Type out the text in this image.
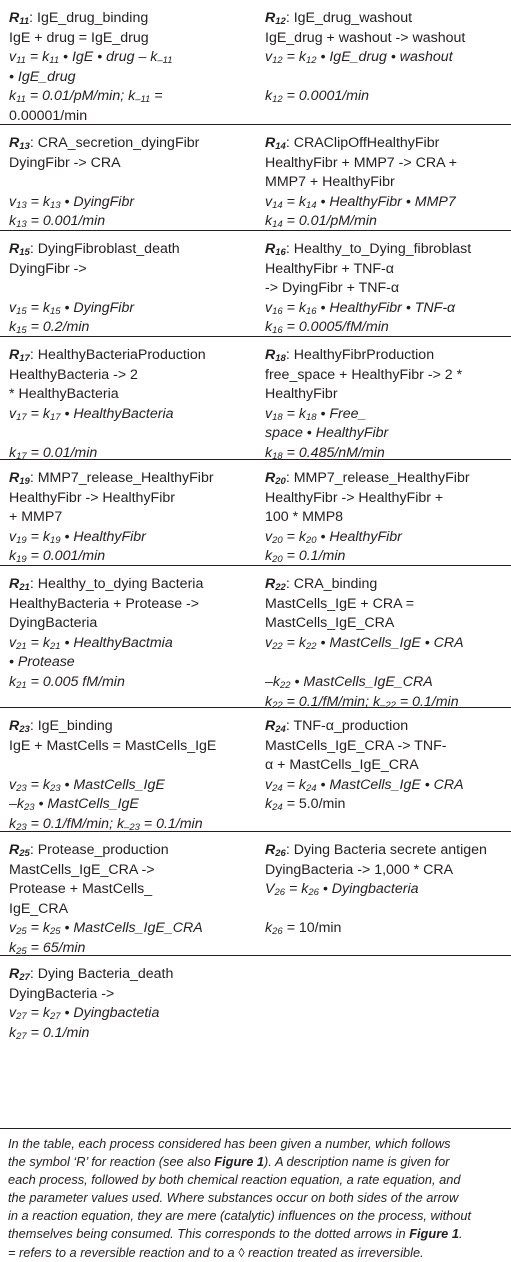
$R_{11}$: IgE_drug_binding
IgE + drug = IgE_drug
$v_{11} = k_{11}$ • IgE • drug – $k_{-11}$
• IgE_drug
$k_{11} = 0.01/pM/\min$; $k_{-11}$ =
0.00001/min
$R_{12}$: IgE_drug_washout
IgE_drug + washout -> washout
$v_{12} = k_{12}$ • IgE_drug • washout
$k_{12} = 0.0001/\min$
$R_{13}$: CRA_secretion_dyingFibr
DyingFibr -> CRA
$v_{13} = k_{13}$ • DyingFibr
$k_{13} = 0.001/\min$
$R_{14}$: CRAClipOffHealthyFibr
HealthyFibr + MMP7 -> CRA +
MMP7 + HealthyFibr
$v_{14} = k_{14}$ • HealthyFibr • MMP7
$k_{14} = 0.01/pM/\min$
$R_{15}$: DyingFibroblast_death
DyingFibr ->
$v_{15} = k_{15}$ • DyingFibr
$k_{15} = 0.2/\min$
$R_{16}$: Healthy_to_Dying_fibroblast
HealthyFibr + TNF-α
-> DyingFibr + TNF-α
$v_{16} = k_{16}$ • HealthyFibr • TNF-α
$k_{16} = 0.0005/fM/\min$
$R_{17}$: HealthyBacteriaProduction
HealthyBacteria -> 2
* HealthyBacteria
$v_{17} = k_{17}$ • HealthyBacteria
$k_{17} = 0.01/\min$
$R_{18}$: HealthyFibrProduction
free_space + HealthyFibr -> 2 *
HealthyFibr
$v_{18} = k_{18}$ • Free_
space • HealthyFibr
$k_{18} = 0.485/nM/\min$
$R_{19}$: MMP7_release_HealthyFibr
HealthyFibr -> HealthyFibr
+ MMP7
$v_{19} = k_{19}$ • HealthyFibr
$k_{19} = 0.001/\min$
$R_{20}$: MMP7_release_HealthyFibr
HealthyFibr -> HealthyFibr +
100 * MMP8
$v_{20} = k_{20}$ • HealthyFibr
$k_{20} = 0.1/\min$
$R_{21}$: Healthy_to_dying Bacteria
HealthyBacteria + Protease ->
DyingBacteria
$v_{21} = k_{21}$ • HealthyBactmia
• Protease
$k_{21} = 0.005$ fM/min
$R_{22}$: CRA_binding
MastCells_IgE + CRA =
MastCells_IgE_CRA
$v_{22} = k_{22}$ • MastCells_IgE • CRA
$-k_{22}$ • MastCells_IgE_CRA
$k_{22} = 0.1/fM/\min$; $k_{-22} = 0.1/\min$
$R_{23}$: IgE_binding
IgE + MastCells = MastCells_IgE
$v_{23} = k_{23}$ • MastCells_IgE
$-k_{23}$ • MastCells_IgE
$k_{23} = 0.1/fM/\min$; $k_{-23} = 0.1/\min$
$R_{24}$: TNF-α_production
MastCells_IgE_CRA -> TNF-
α + MastCells_IgE_CRA
$v_{24} = k_{24}$ • MastCells_IgE • CRA
$k_{24} = 5.0/\min$
$R_{25}$: Protease_production
MastCells_IgE_CRA ->
Protease + MastCells_
IgE_CRA
$v_{25} = k_{25}$ • MastCells_IgE_CRA
$k_{25} = 65/\min$
$R_{26}$: Dying Bacteria secrete antigen
DyingBacteria -> 1,000 * CRA
$V_{26} = k_{26}$ • Dyingbacteria
$k_{26} = 10/\min$
$R_{27}$: Dying Bacteria_death
DyingBacteria ->
$v_{27} = k_{27}$ • Dyingbactetia
$k_{27} = 0.1/\min$
In the table, each process considered has been given a number, which follows
the symbol ‘R’ for reaction (see also Figure 1). A description name is given for
each process, followed by both chemical reaction equation, a rate equation, and
the parameter values used. Where substances occur on both sides of the arrow
in a reaction equation, they are mere (catalytic) influences on the process, without
themselves being consumed. This corresponds to the dotted arrows in Figure 1.
= refers to a reversible reaction and to a ◊ reaction treated as irreversible.
